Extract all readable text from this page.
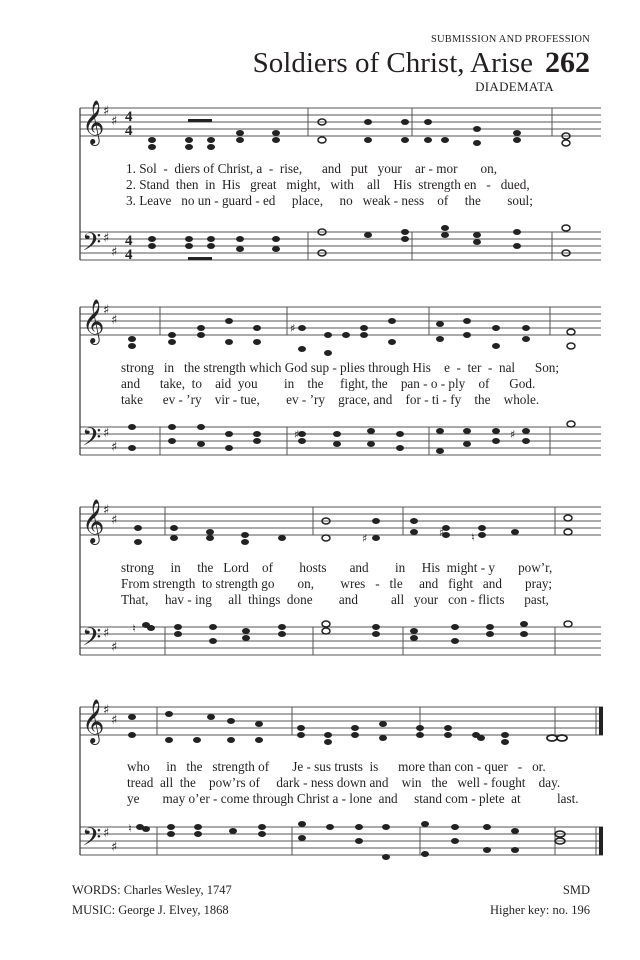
SUBMISSION AND PROFESSION
Soldiers of Christ, Arise 262
DIADEMATA
𝄞
𝄢
𝄞
𝄢
𝄞
𝄢
𝄞
𝄢
♯
♯
♯
♯
♯
♯
♯
♯
♯
♯
♯
♯
♯
♯
♯
♯
4
4
4
4
♯
♯ ♮
♯
♯	♯
♮
♮
1. Sol  -  diers of Christ, a  -  rise,      and   put   your    ar - mor       on,
2. Stand  then  in  His   great   might,   with    all    His  strength en   -   dued,
3. Leave   no un - guard - ed     place,     no   weak - ness    of     the        soul;
strong   in   the strength which God sup - plies through His    e  -  ter  -  nal      Son;
and      take,  to    aid  you        in    the     fight, the    pan - o - ply    of      God.
take      ev - ’ry    vir - tue,        ev - ’ry    grace, and    for - ti - fy    the    whole.
strong     in     the   Lord    of        hosts       and        in     His  might - y       pow’r,
From strength  to strength go       on,        wres   -   tle     and   fight   and       pray;
That,     hav - ing     all  things  done        and          all   your   con - flicts      past,
who     in   the   strength of       Je - sus trusts  is      more than con - quer   -   or.
tread  all  the    pow’rs of     dark - ness down and    win   the   well - fought    day.
ye       may o’er - come through Christ a - lone  and     stand com - plete  at           last.
WORDS: Charles Wesley, 1747
MUSIC: George J. Elvey, 1868
SMD
Higher key: no. 196
